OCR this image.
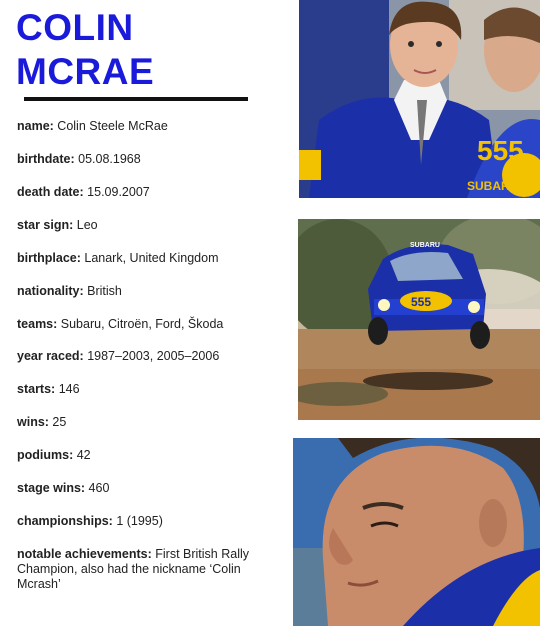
COLIN
MCRAE
name: Colin Steele McRae
birthdate: 05.08.1968
death date: 15.09.2007
star sign: Leo
birthplace: Lanark, United Kingdom
nationality: British
teams: Subaru, Citroën, Ford, Škoda
year raced: 1987–2003, 2005–2006
starts: 146
wins: 25
podiums: 42
stage wins: 460
championships: 1 (1995)
notable achievements: First British Rally Champion, also had the nickname ‘Colin Mcrash’
555
SUBARU
555
SUBARU
